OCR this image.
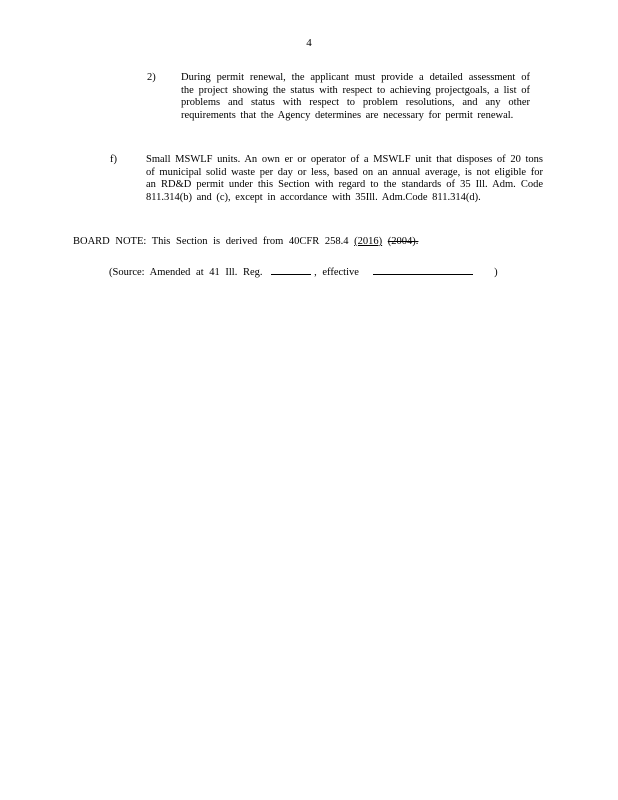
4
2) During permit renewal, the applicant must provide a detailed assessment of the project showing the status with respect to achieving projectgoals, a list of problems and status with respect to problem resolutions, and any other requirements that the Agency determines are necessary for permit renewal.
f)	Small MSWLF units. An own er or operator of a MSWLF unit that disposes of 20 tons of municipal solid waste per day or less, based on an annual average, is not eligible for an RD&D permit under this Section with regard to the standards of 35 Ill. Adm. Code 811.314(b) and (c), except in accordance with 35Ill. Adm.Code 811.314(d).
BOARD NOTE: This Section is derived from 40CFR 258.4 (2016) (2004).
(Source: Amended at 41 Ill. Reg.	, effective	)
